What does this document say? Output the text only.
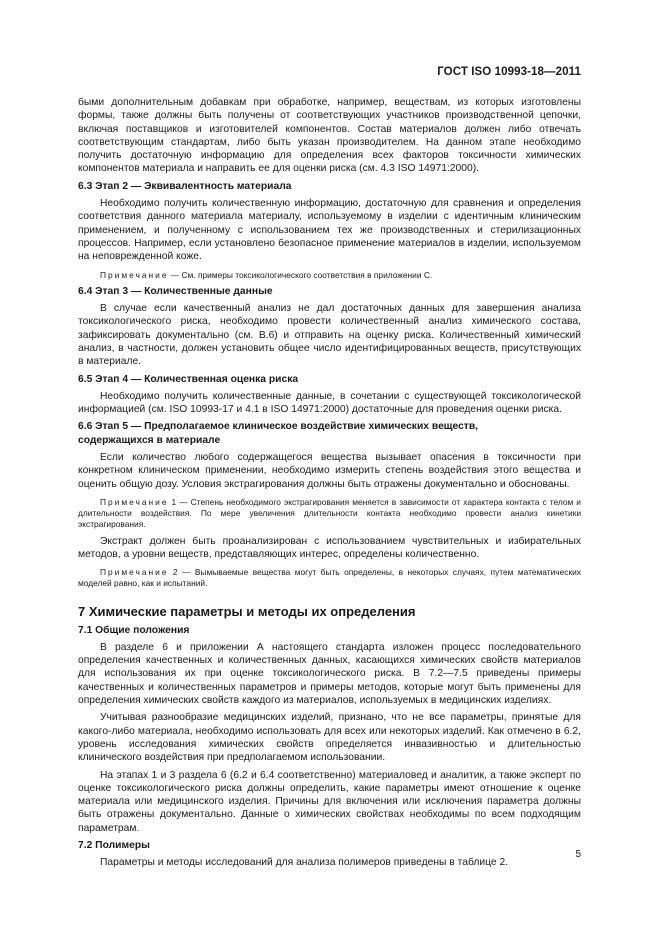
ГОСТ ISO 10993-18—2011

быми дополнительным добавкам при обработке, например, веществам, из которых изготовлены формы, также должны быть получены от соответствующих участников производственной цепочки, включая поставщиков и изготовителей компонентов. Состав материалов должен либо отвечать соответствующим стандартам, либо быть указан производителем. На данном этапе необходимо получить достаточную информацию для определения всех факторов токсичности химических компонентов материала и направить ее для оценки риска (см. 4.3 ISO 14971:2000).

6.3 Этап 2 — Эквивалентность материала

Необходимо получить количественную информацию, достаточную для сравнения и определения соответствия данного материала материалу, используемому в изделии с идентичным клиническим применением, и полученному с использованием тех же производственных и стерилизационных процессов. Например, если установлено безопасное применение материалов в изделии, используемом на неповрежденной коже.

Примечание — См. примеры токсикологического соответствия в приложении С.

6.4 Этап 3 — Количественные данные

В случае если качественный анализ не дал достаточных данных для завершения анализа токсикологического риска, необходимо провести количественный анализ химического состава, зафиксировать документально (см. В.6) и отправить на оценку риска. Количественный химический анализ, в частности, должен установить общее число идентифицированных веществ, присутствующих в материале.

6.5 Этап 4 — Количественная оценка риска

Необходимо получить количественные данные, в сочетании с существующей токсикологической информацией (см. ISO 10993-17 и 4.1 в ISO 14971:2000) достаточные для проведения оценки риска.

6.6 Этап 5 — Предполагаемое клиническое воздействие химических веществ,

содержащихся в материале

Если количество любого содержащегося вещества вызывает опасения в токсичности при конкретном клиническом применении, необходимо измерить степень воздействия этого вещества и оценить общую дозу. Условия экстрагирования должны быть отражены документально и обоснованы.

Примечание 1 — Степень необходимого экстрагирования меняется в зависимости от характера контакта с телом и длительности воздействия. По мере увеличения длительности контакта необходимо провести анализ кинетики экстрагирования.

Экстракт должен быть проанализирован с использованием чувствительных и избирательных методов, а уровни веществ, представляющих интерес, определены количественно.

Примечание 2 — Вымываемые вещества могут быть определены, в некоторых случаях, путем математических моделей равно, как и испытаний.

7 Химические параметры и методы их определения

7.1 Общие положения

В разделе 6 и приложении А настоящего стандарта изложен процесс последовательного определения качественных и количественных данных, касающихся химических свойств материалов для использования их при оценке токсикологического риска. В 7.2—7.5 приведены примеры качественных и количественных параметров и примеры методов, которые могут быть применены для определения химических свойств каждого из материалов, используемых в медицинских изделиях.

Учитывая разнообразие медицинских изделий, признано, что не все параметры, принятые для какого-либо материала, необходимо использовать для всех или некоторых изделий. Как отмечено в 6.2, уровень исследования химических свойств определяется инвазивностью и длительностью клинического воздействия при предполагаемом использовании.

На этапах 1 и 3 раздела 6 (6.2 и 6.4 соответственно) материаловед и аналитик, а также эксперт по оценке токсикологического риска должны определить, какие параметры имеют отношение к оценке материала или медицинского изделия. Причины для включения или исключения параметра должны быть отражены документально. Данные о химических свойствах необходимы по всем подходящим параметрам.

7.2 Полимеры

Параметры и методы исследований для анализа полимеров приведены в таблице 2.

5
